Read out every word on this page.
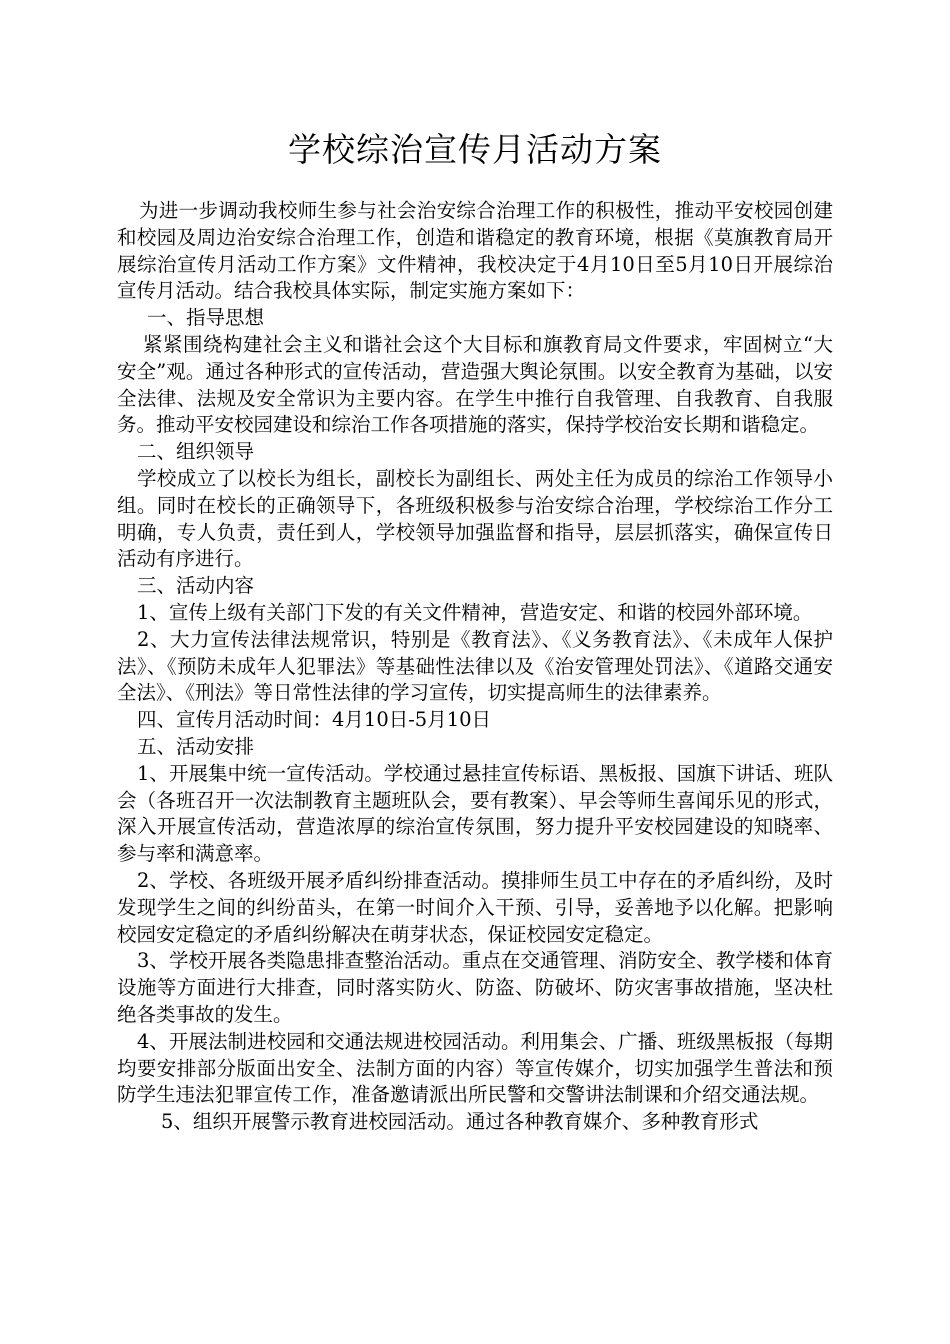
学校综治宣传月活动方案

为进一步调动我校师生参与社会治安综合治理工作的积极性，推动平安校园创建和校园及周边治安综合治理工作，创造和谐稳定的教育环境，根据《莫旗教育局开展综治宣传月活动工作方案》文件精神，我校决定于4月10日至5月10日开展综治宣传月活动。结合我校具体实际，制定实施方案如下：

一、指导思想

紧紧围绕构建社会主义和谐社会这个大目标和旗教育局文件要求，牢固树立“大安全”观。通过各种形式的宣传活动，营造强大舆论氛围。以安全教育为基础，以安全法律、法规及安全常识为主要内容。在学生中推行自我管理、自我教育、自我服务。推动平安校园建设和综治工作各项措施的落实，保持学校治安长期和谐稳定。

二、组织领导

学校成立了以校长为组长，副校长为副组长、两处主任为成员的综治工作领导小组。同时在校长的正确领导下，各班级积极参与治安综合治理，学校综治工作分工明确，专人负责，责任到人，学校领导加强监督和指导，层层抓落实，确保宣传日活动有序进行。

三、活动内容

1、宣传上级有关部门下发的有关文件精神，营造安定、和谐的校园外部环境。

2、大力宣传法律法规常识，特别是《教育法》、《义务教育法》、《未成年人保护法》、《预防未成年人犯罪法》等基础性法律以及《治安管理处罚法》、《道路交通安全法》、《刑法》等日常性法律的学习宣传，切实提高师生的法律素养。

四、宣传月活动时间：4月10日-5月10日

五、活动安排

1、开展集中统一宣传活动。学校通过悬挂宣传标语、黑板报、国旗下讲话、班队会（各班召开一次法制教育主题班队会，要有教案）、早会等师生喜闻乐见的形式，深入开展宣传活动，营造浓厚的综治宣传氛围，努力提升平安校园建设的知晓率、参与率和满意率。

2、学校、各班级开展矛盾纠纷排查活动。摸排师生员工中存在的矛盾纠纷，及时发现学生之间的纠纷苗头，在第一时间介入干预、引导，妥善地予以化解。把影响校园安定稳定的矛盾纠纷解决在萌芽状态，保证校园安定稳定。

3、学校开展各类隐患排查整治活动。重点在交通管理、消防安全、教学楼和体育设施等方面进行大排查，同时落实防火、防盗、防破坏、防灾害事故措施，坚决杜绝各类事故的发生。

4、开展法制进校园和交通法规进校园活动。利用集会、广播、班级黑板报（每期均要安排部分版面出安全、法制方面的内容）等宣传媒介，切实加强学生普法和预防学生违法犯罪宣传工作，准备邀请派出所民警和交警讲法制课和介绍交通法规。

5、组织开展警示教育进校园活动。通过各种教育媒介、多种教育形式
